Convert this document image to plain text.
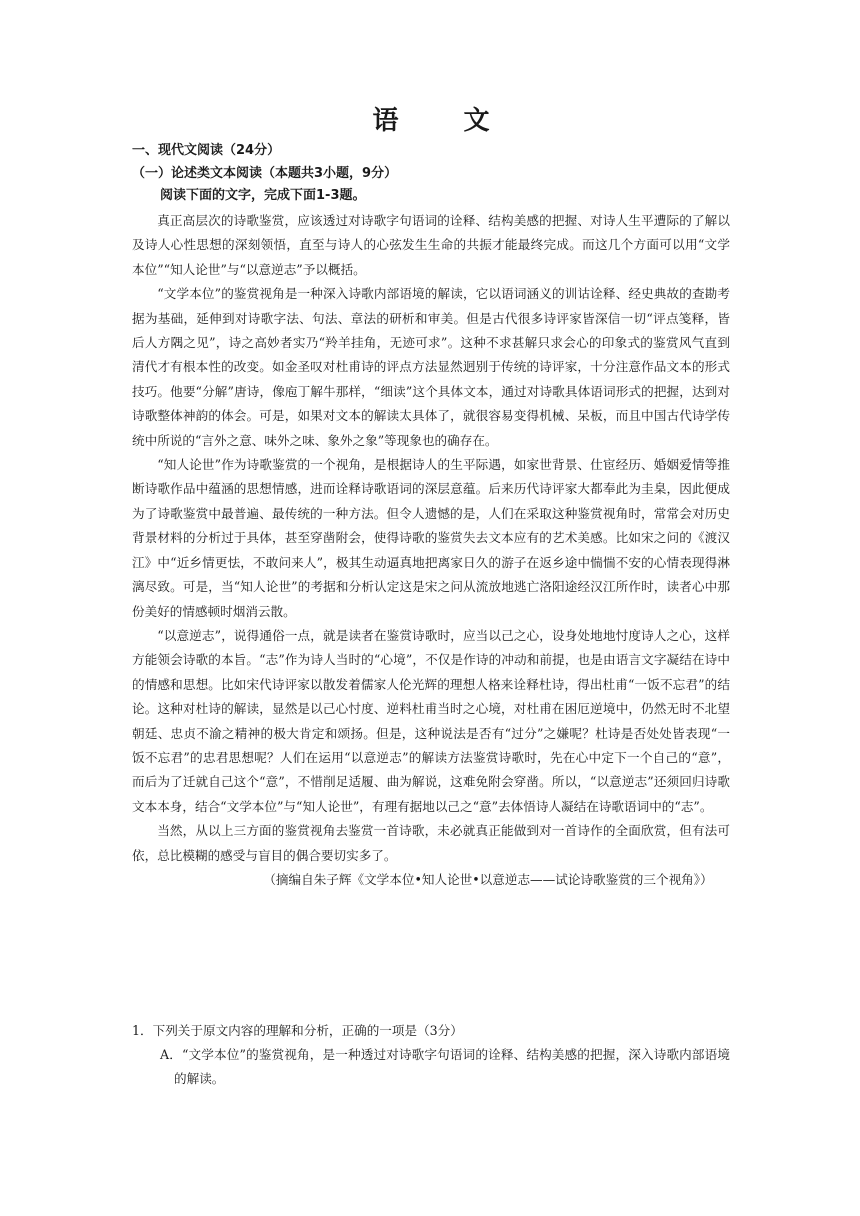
语 文
一、现代文阅读（24分）
（一）论述类文本阅读（本题共3小题，9分）
阅读下面的文字，完成下面1-3题。

真正高层次的诗歌鉴赏，应该透过对诗歌字句语词的诠释、结构美感的把握、对诗人生平遭际的了解以及诗人心性思想的深刻领悟，直至与诗人的心弦发生生命的共振才能最终完成。而这几个方面可以用“文学本位”“知人论世”与“以意逆志”予以概括。

“文学本位”的鉴赏视角是一种深入诗歌内部语境的解读，它以语词涵义的训诂诠释、经史典故的查勘考据为基础，延伸到对诗歌字法、句法、章法的研析和审美。但是古代很多诗评家皆深信一切“评点笺释，皆后人方隅之见”，诗之高妙者实乃“羚羊挂角，无迹可求”。这种不求甚解只求会心的印象式的鉴赏风气直到清代才有根本性的改变。如金圣叹对杜甫诗的评点方法显然迥别于传统的诗评家，十分注意作品文本的形式技巧。他要“分解”唐诗，像庖丁解牛那样，“细读”这个具体文本，通过对诗歌具体语词形式的把握，达到对诗歌整体神韵的体会。可是，如果对文本的解读太具体了，就很容易变得机械、呆板，而且中国古代诗学传统中所说的“言外之意、味外之味、象外之象”等现象也的确存在。

“知人论世”作为诗歌鉴赏的一个视角，是根据诗人的生平际遇，如家世背景、仕宦经历、婚姻爱情等推断诗歌作品中蕴涵的思想情感，进而诠释诗歌语词的深层意蕴。后来历代诗评家大都奉此为圭臬，因此便成为了诗歌鉴赏中最普遍、最传统的一种方法。但令人遗憾的是，人们在采取这种鉴赏视角时，常常会对历史背景材料的分析过于具体，甚至穿凿附会，使得诗歌的鉴赏失去文本应有的艺术美感。比如宋之问的《渡汉江》中“近乡情更怯，不敢问来人”，极其生动逼真地把离家日久的游子在返乡途中惴惴不安的心情表现得淋漓尽致。可是，当“知人论世”的考据和分析认定这是宋之问从流放地逃亡洛阳途经汉江所作时，读者心中那份美好的情感顿时烟消云散。

“以意逆志”，说得通俗一点，就是读者在鉴赏诗歌时，应当以己之心，设身处地地忖度诗人之心，这样方能领会诗歌的本旨。“志”作为诗人当时的“心境”，不仅是作诗的冲动和前提，也是由语言文字凝结在诗中的情感和思想。比如宋代诗评家以散发着儒家人伦光辉的理想人格来诠释杜诗，得出杜甫“一饭不忘君”的结论。这种对杜诗的解读，显然是以己心忖度、逆料杜甫当时之心境，对杜甫在困厄逆境中，仍然无时不北望朝廷、忠贞不渝之精神的极大肯定和颂扬。但是，这种说法是否有“过分”之嫌呢？杜诗是否处处皆表现“一饭不忘君”的忠君思想呢？人们在运用“以意逆志”的解读方法鉴赏诗歌时，先在心中定下一个自己的“意”，而后为了迁就自己这个“意”，不惜削足适履、曲为解说，这难免附会穿凿。所以，“以意逆志”还须回归诗歌文本本身，结合“文学本位”与“知人论世”，有理有据地以己之“意”去体悟诗人凝结在诗歌语词中的“志”。

当然，从以上三方面的鉴赏视角去鉴赏一首诗歌，未必就真正能做到对一首诗作的全面欣赏，但有法可依，总比模糊的感受与盲目的偶合要切实多了。

（摘编自朱子辉《文学本位•知人论世•以意逆志——试论诗歌鉴赏的三个视角》）

1．下列关于原文内容的理解和分析，正确的一项是（3分）

A．“文学本位”的鉴赏视角，是一种透过对诗歌字句语词的诠释、结构美感的把握，深入诗歌内部语境的解读。
